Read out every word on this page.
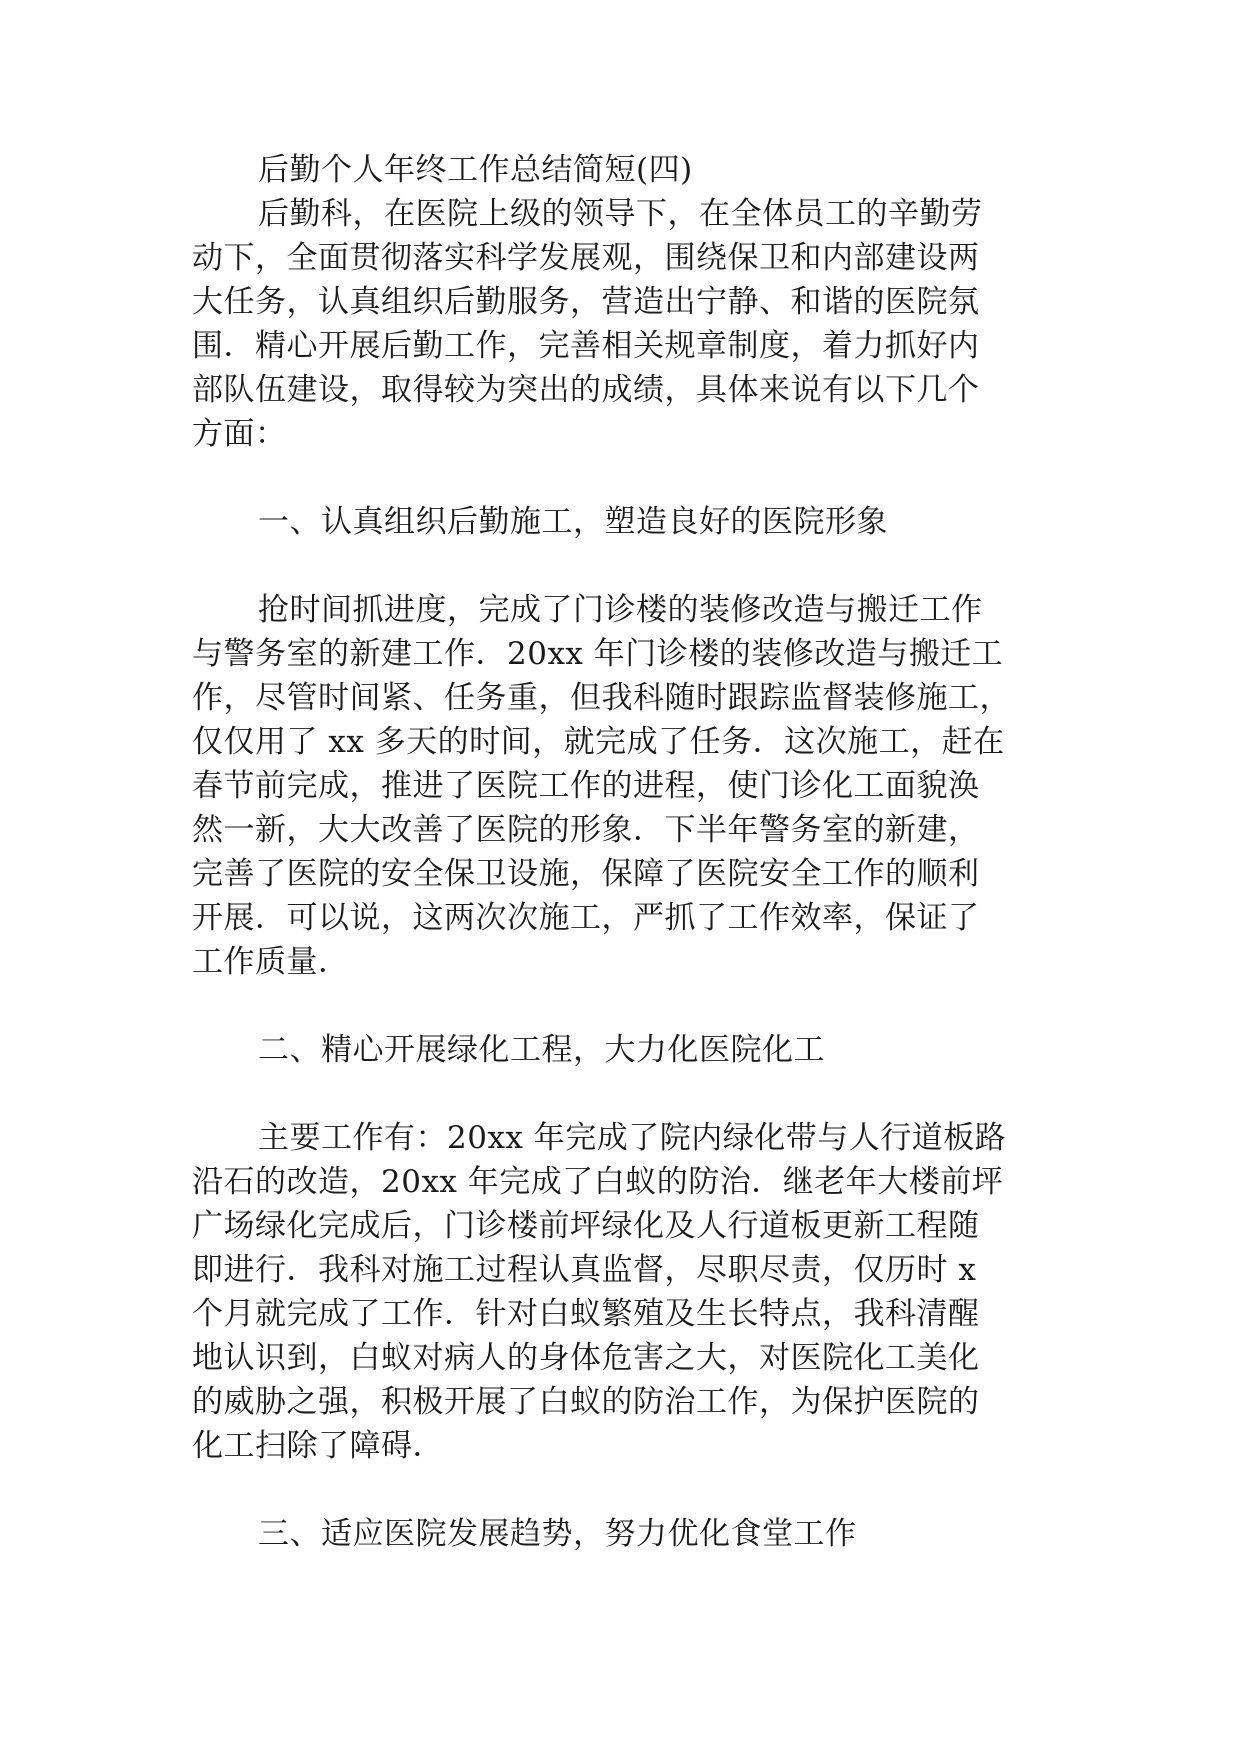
后勤个人年终工作总结简短(四)
后勤科，在医院上级的领导下，在全体员工的辛勤劳
动下，全面贯彻落实科学发展观，围绕保卫和内部建设两
大任务，认真组织后勤服务，营造出宁静、和谐的医院氛
围．精心开展后勤工作，完善相关规章制度，着力抓好内
部队伍建设，取得较为突出的成绩，具体来说有以下几个
方面：
一、认真组织后勤施工，塑造良好的医院形象
抢时间抓进度，完成了门诊楼的装修改造与搬迁工作
与警务室的新建工作．20xx 年门诊楼的装修改造与搬迁工
作，尽管时间紧、任务重，但我科随时跟踪监督装修施工，
仅仅用了 xx 多天的时间，就完成了任务．这次施工，赶在
春节前完成，推进了医院工作的进程，使门诊化工面貌涣
然一新，大大改善了医院的形象．下半年警务室的新建，
完善了医院的安全保卫设施，保障了医院安全工作的顺利
开展．可以说，这两次次施工，严抓了工作效率，保证了
工作质量．
二、精心开展绿化工程，大力化医院化工
主要工作有：20xx 年完成了院内绿化带与人行道板路
沿石的改造，20xx 年完成了白蚁的防治．继老年大楼前坪
广场绿化完成后，门诊楼前坪绿化及人行道板更新工程随
即进行．我科对施工过程认真监督，尽职尽责，仅历时 x
个月就完成了工作．针对白蚁繁殖及生长特点，我科清醒
地认识到，白蚁对病人的身体危害之大，对医院化工美化
的威胁之强，积极开展了白蚁的防治工作，为保护医院的
化工扫除了障碍．
三、适应医院发展趋势，努力优化食堂工作
